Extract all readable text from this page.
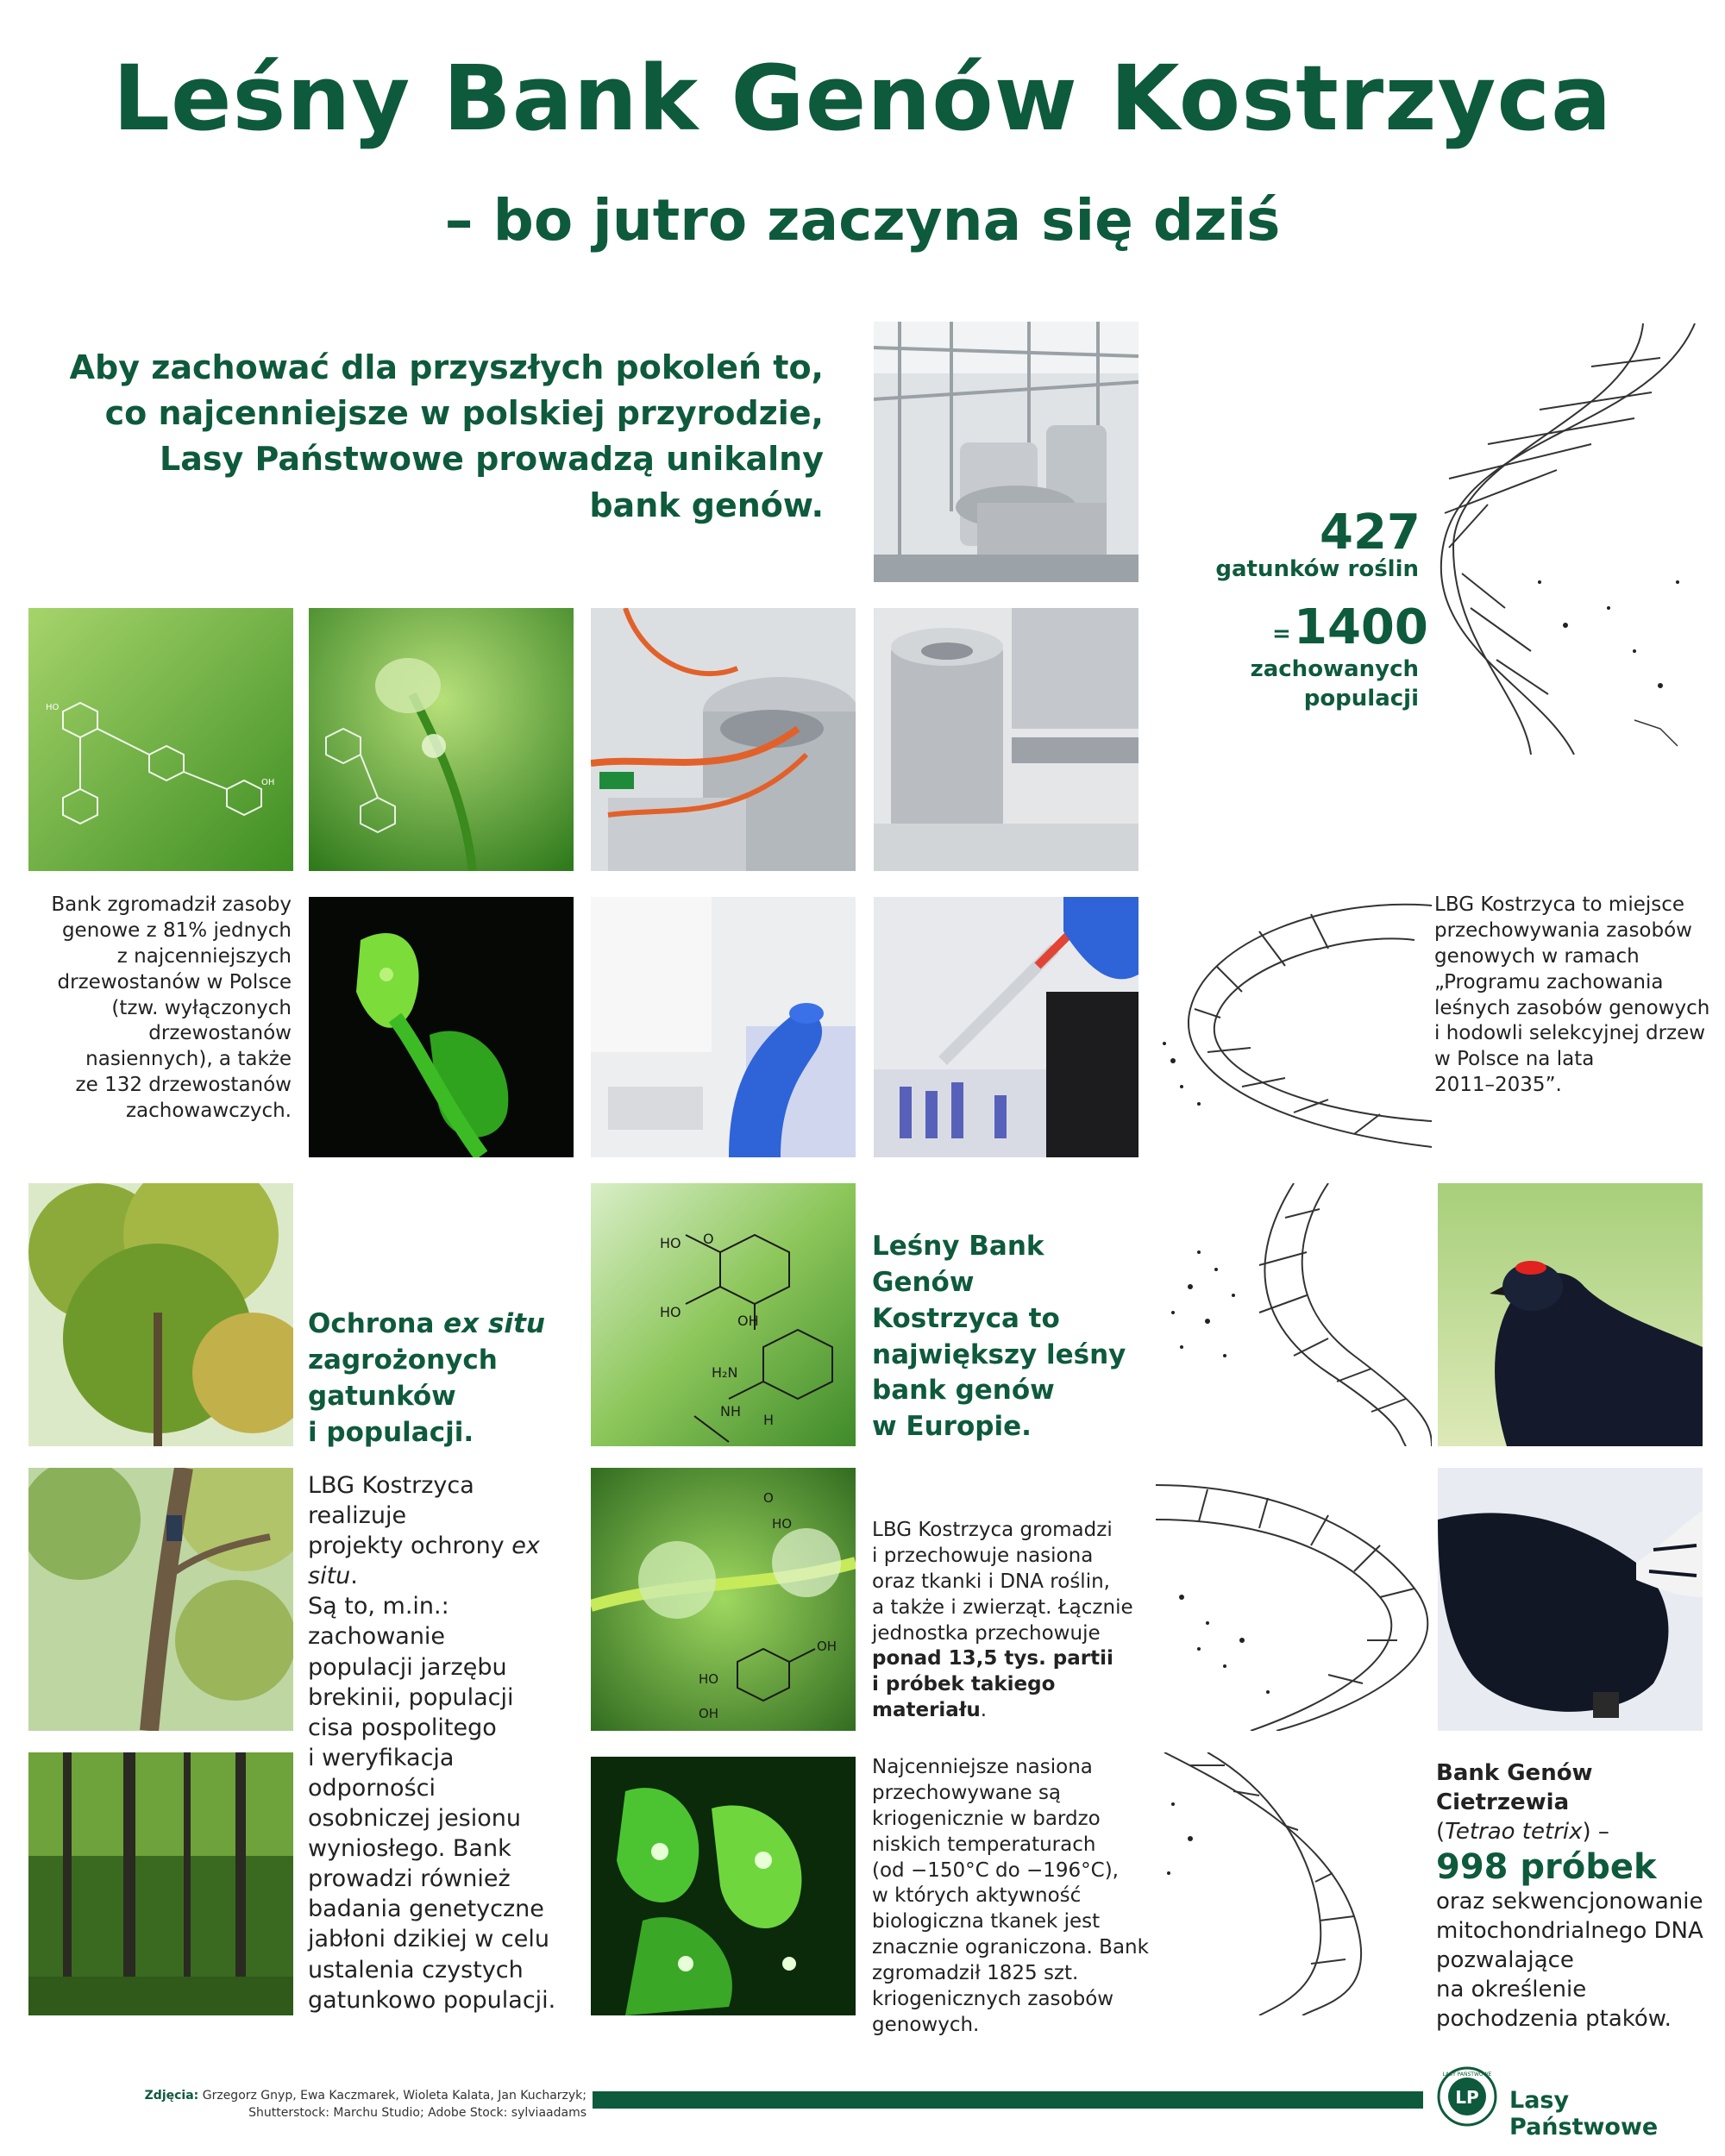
Leśny Bank Genów Kostrzyca
– bo jutro zaczyna się dziś
Aby zachować dla przyszłych pokoleń to,
co najcenniejsze w polskiej przyrodzie,
Lasy Państwowe prowadzą unikalny
bank genów.	427
gatunków roślin
= 1400
zachowanych
populacji
HO
OH
Bank zgromadził zasoby
genowe z 81% jednych
z najcenniejszych
drzewostanów w Polsce
(tzw. wyłączonych
drzewostanów
nasiennych), a także
ze 132 drzewostanów
zachowawczych.
LBG Kostrzyca to miejsce
przechowywania zasobów
genowych w ramach
„Programu zachowania
leśnych zasobów genowych
i hodowli selekcyjnej drzew
w Polsce na lata
2011–2035”.
Ochrona ex situ
zagrożonych
gatunków
i populacji.
O
HO
HO
OH
H₂N
NH
H
Leśny Bank Genów
Kostrzyca to
największy leśny
bank genów
w Europie.
LBG Kostrzyca realizuje
projekty ochrony ex situ.
Są to, m.in.: zachowanie
populacji jarzębu
brekinii, populacji
cisa pospolitego
i weryfikacja odporności
osobniczej jesionu
wyniosłego. Bank
prowadzi również
badania genetyczne
jabłoni dzikiej w celu
ustalenia czystych
gatunkowo populacji.
O
HO
HO
OH
OH
LBG Kostrzyca gromadzi
i przechowuje nasiona
oraz tkanki i DNA roślin,
a także i zwierząt. Łącznie
jednostka przechowuje
ponad 13,5 tys. partii
i próbek takiego materiału.
Najcenniejsze nasiona
przechowywane są
kriogenicznie w bardzo
niskich temperaturach
(od −150°C do −196°C),
w których aktywność
biologiczna tkanek jest
znacznie ograniczona. Bank
zgromadził 1825 szt.
kriogenicznych zasobów
genowych.
Bank Genów Cietrzewia
(Tetrao tetrix) –
998 próbek
oraz sekwencjonowanie
mitochondrialnego DNA
pozwalające
na określenie
pochodzenia ptaków.
Zdjęcia: Grzegorz Gnyp, Ewa Kaczmarek, Wioleta Kalata, Jan Kucharzyk;
Shutterstock: Marchu Studio; Adobe Stock: sylviaadams
LP
LASY PAŃSTWOWE
Lasy Państwowe
